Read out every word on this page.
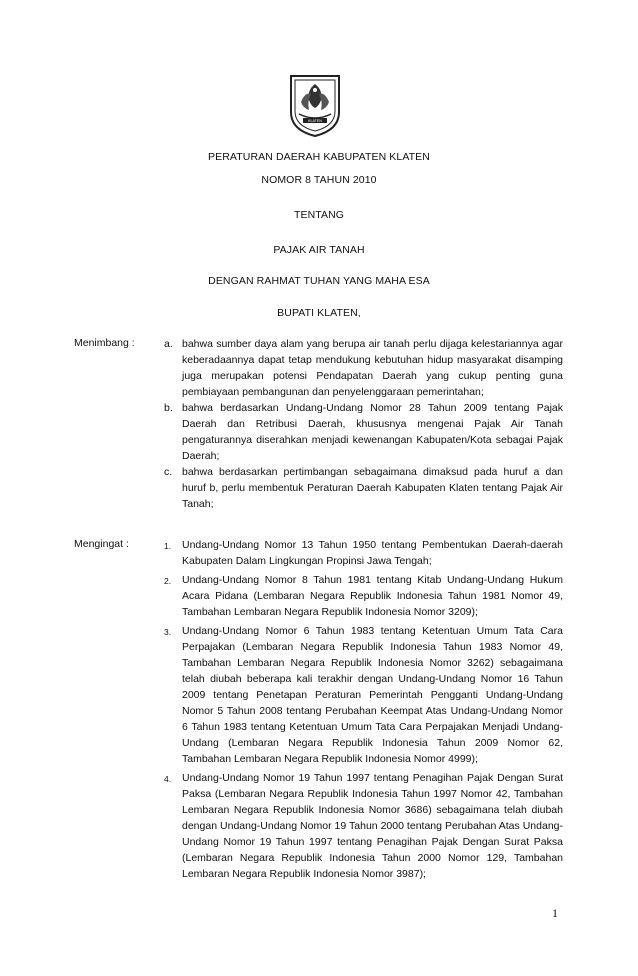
KLATEN
PERATURAN DAERAH KABUPATEN KLATEN
NOMOR 8 TAHUN 2010
TENTANG
PAJAK AIR TANAH
DENGAN RAHMAT TUHAN YANG MAHA ESA
BUPATI KLATEN,
Menimbang :	a. bahwa sumber daya alam yang berupa air tanah perlu dijaga kelestariannya agar keberadaannya dapat tetap mendukung kebutuhan hidup masyarakat disamping juga merupakan potensi Pendapatan Daerah yang cukup penting guna pembiayaan pembangunan dan penyelenggaraan pemerintahan;
b. bahwa berdasarkan Undang-Undang Nomor 28 Tahun 2009 tentang Pajak Daerah dan Retribusi Daerah, khususnya mengenai Pajak Air Tanah pengaturannya diserahkan menjadi kewenangan Kabupaten/Kota sebagai Pajak Daerah;
c. bahwa berdasarkan pertimbangan sebagaimana dimaksud pada huruf a dan huruf b, perlu membentuk Peraturan Daerah Kabupaten Klaten tentang Pajak Air Tanah;
Mengingat :	1. Undang-Undang Nomor 13 Tahun 1950 tentang Pembentukan Daerah-daerah Kabupaten Dalam Lingkungan Propinsi Jawa Tengah;
2. Undang-Undang Nomor 8 Tahun 1981 tentang Kitab Undang-Undang Hukum Acara Pidana (Lembaran Negara Republik Indonesia Tahun 1981 Nomor 49, Tambahan Lembaran Negara Republik Indonesia Nomor 3209);
3. Undang-Undang Nomor 6 Tahun 1983 tentang Ketentuan Umum Tata Cara Perpajakan (Lembaran Negara Republik Indonesia Tahun 1983 Nomor 49, Tambahan Lembaran Negara Republik Indonesia Nomor 3262) sebagaimana telah diubah beberapa kali terakhir dengan Undang-Undang Nomor 16 Tahun 2009 tentang Penetapan Peraturan Pemerintah Pengganti Undang-Undang Nomor 5 Tahun 2008 tentang Perubahan Keempat Atas Undang-Undang Nomor 6 Tahun 1983 tentang Ketentuan Umum Tata Cara Perpajakan Menjadi Undang-Undang (Lembaran Negara Republik Indonesia Tahun 2009 Nomor 62, Tambahan Lembaran Negara Republik Indonesia Nomor 4999);
4. Undang-Undang Nomor 19 Tahun 1997 tentang Penagihan Pajak Dengan Surat Paksa (Lembaran Negara Republik Indonesia Tahun 1997 Nomor 42, Tambahan Lembaran Negara Republik Indonesia Nomor 3686) sebagaimana telah diubah dengan Undang-Undang Nomor 19 Tahun 2000 tentang Perubahan Atas Undang-Undang Nomor 19 Tahun 1997 tentang Penagihan Pajak Dengan Surat Paksa (Lembaran Negara Republik Indonesia Tahun 2000 Nomor 129, Tambahan Lembaran Negara Republik Indonesia Nomor 3987);
1
